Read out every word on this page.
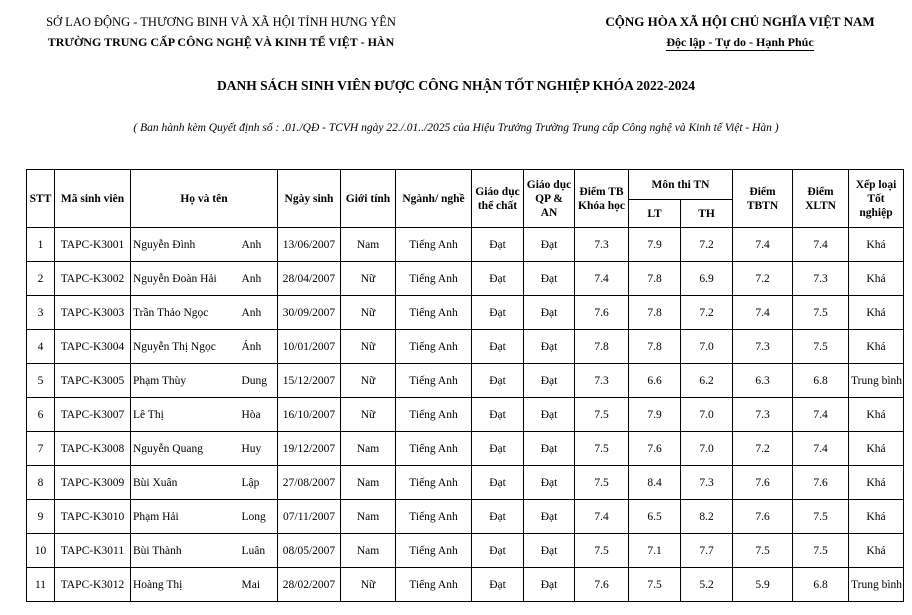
SỞ LAO ĐỘNG - THƯƠNG BINH VÀ XÃ HỘI TỈNH HƯNG YÊN
TRƯỜNG TRUNG CẤP CÔNG NGHỆ VÀ KINH TẾ VIỆT - HÀN
CỘNG HÒA XÃ HỘI CHỦ NGHĨA VIỆT NAM
Độc lập - Tự do - Hạnh Phúc
DANH SÁCH SINH VIÊN ĐƯỢC CÔNG NHẬN TỐT NGHIỆP KHÓA 2022-2024
( Ban hành kèm Quyết định số : .01./QĐ - TCVH ngày 22./.01../2025 của Hiệu Trưởng Trường Trung cấp Công nghệ và Kinh tế Việt - Hàn )
STT	Mã sinh viên	Họ và tên		Ngày sinh	Giới tính	Ngành/ nghề	Giáo dục thể chất	Giáo dục QP & AN	Điểm TB Khóa học	Môn thi TN		Điểm TBTN	Điểm XLTN	Xếp loại Tốt nghiệp
										LT	TH			
1	TAPC-K3001	Nguyễn Đình	Anh	13/06/2007	Nam	Tiếng Anh	Đạt	Đạt	7.3	7.9	7.2	7.4	7.4	Khá
2	TAPC-K3002	Nguyễn Đoàn Hải	Anh	28/04/2007	Nữ	Tiếng Anh	Đạt	Đạt	7.4	7.8	6.9	7.2	7.3	Khá
3	TAPC-K3003	Trần Thảo Ngọc	Anh	30/09/2007	Nữ	Tiếng Anh	Đạt	Đạt	7.6	7.8	7.2	7.4	7.5	Khá
4	TAPC-K3004	Nguyễn Thị Ngọc	Ánh	10/01/2007	Nữ	Tiếng Anh	Đạt	Đạt	7.8	7.8	7.0	7.3	7.5	Khá
5	TAPC-K3005	Phạm Thùy	Dung	15/12/2007	Nữ	Tiếng Anh	Đạt	Đạt	7.3	6.6	6.2	6.3	6.8	Trung bình
6	TAPC-K3007	Lê Thị	Hòa	16/10/2007	Nữ	Tiếng Anh	Đạt	Đạt	7.5	7.9	7.0	7.3	7.4	Khá
7	TAPC-K3008	Nguyễn Quang	Huy	19/12/2007	Nam	Tiếng Anh	Đạt	Đạt	7.5	7.6	7.0	7.2	7.4	Khá
8	TAPC-K3009	Bùi Xuân	Lập	27/08/2007	Nam	Tiếng Anh	Đạt	Đạt	7.5	8.4	7.3	7.6	7.6	Khá
9	TAPC-K3010	Phạm Hải	Long	07/11/2007	Nam	Tiếng Anh	Đạt	Đạt	7.4	6.5	8.2	7.6	7.5	Khá
10	TAPC-K3011	Bùi Thành	Luân	08/05/2007	Nam	Tiếng Anh	Đạt	Đạt	7.5	7.1	7.7	7.5	7.5	Khá
11	TAPC-K3012	Hoàng Thị	Mai	28/02/2007	Nữ	Tiếng Anh	Đạt	Đạt	7.6	7.5	5.2	5.9	6.8	Trung bình
